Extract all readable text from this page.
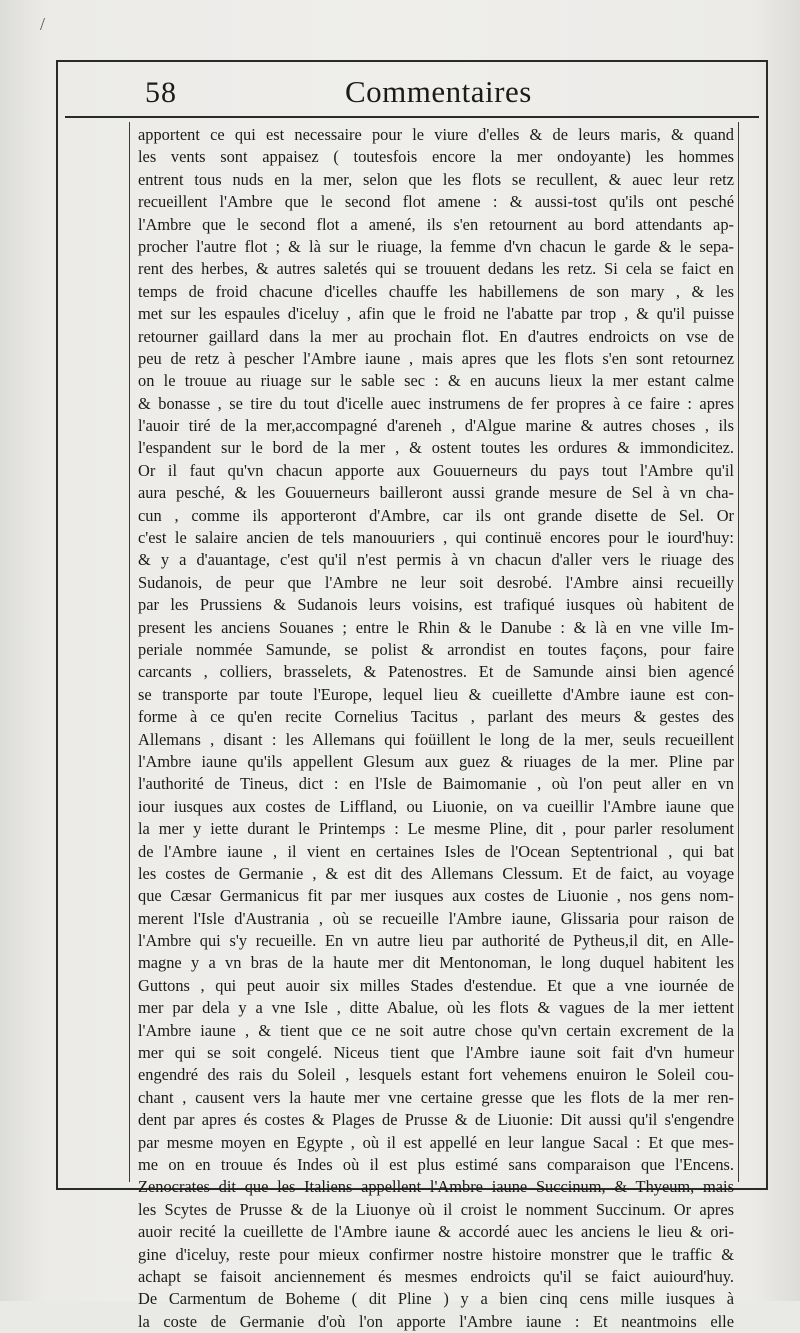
/
58	Commentaires
apportent ce qui est necessaire pour le viure d'elles & de leurs maris, & quand
les vents sont appaisez ( toutesfois encore la mer ondoyante) les hommes
entrent tous nuds en la mer, selon que les flots se recullent, & auec leur retz
recueillent l'Ambre que le second flot amene : & aussi-tost qu'ils ont pesché
l'Ambre que le second flot a amené, ils s'en retournent au bord attendants ap-
procher l'autre flot ; & là sur le riuage, la femme d'vn chacun le garde & le sepa-
rent des herbes, & autres saletés qui se trouuent dedans les retz. Si cela se faict en
temps de froid chacune d'icelles chauffe les habillemens de son mary , & les
met sur les espaules d'iceluy , afin que le froid ne l'abatte par trop , & qu'il puisse
retourner gaillard dans la mer au prochain flot. En d'autres endroicts on vse de
peu de retz à pescher l'Ambre iaune , mais apres que les flots s'en sont retournez
on le trouue au riuage sur le sable sec : & en aucuns lieux la mer estant calme
& bonasse , se tire du tout d'icelle auec instrumens de fer propres à ce faire : apres
l'auoir tiré de la mer,accompagné d'areneh , d'Algue marine & autres choses , ils
l'espandent sur le bord de la mer , & ostent toutes les ordures & immondicitez.
Or il faut qu'vn chacun apporte aux Gouuerneurs du pays tout l'Ambre qu'il
aura pesché, & les Gouuerneurs bailleront aussi grande mesure de Sel à vn cha-
cun , comme ils apporteront d'Ambre, car ils ont grande disette de Sel. Or
c'est le salaire ancien de tels manouuriers , qui continuë encores pour le iourd'huy:
& y a d'auantage, c'est qu'il n'est permis à vn chacun d'aller vers le riuage des
Sudanois, de peur que l'Ambre ne leur soit desrobé. l'Ambre ainsi recueilly
par les Prussiens & Sudanois leurs voisins, est trafiqué iusques où habitent de
present les anciens Souanes ; entre le Rhin & le Danube : & là en vne ville Im-
periale nommée Samunde, se polist & arrondist en toutes façons, pour faire
carcants , colliers, brasselets, & Patenostres. Et de Samunde ainsi bien agencé
se transporte par toute l'Europe, lequel lieu & cueillette d'Ambre iaune est con-
forme à ce qu'en recite Cornelius Tacitus , parlant des meurs & gestes des
Allemans , disant : les Allemans qui foüillent le long de la mer, seuls recueillent
l'Ambre iaune qu'ils appellent Glesum aux guez & riuages de la mer. Pline par
l'authorité de Tineus, dict : en l'Isle de Baimomanie , où l'on peut aller en vn
iour iusques aux costes de Liffland, ou Liuonie, on va cueillir l'Ambre iaune que
la mer y iette durant le Printemps : Le mesme Pline, dit , pour parler resolument
de l'Ambre iaune , il vient en certaines Isles de l'Ocean Septentrional , qui bat
les costes de Germanie , & est dit des Allemans Clessum. Et de faict, au voyage
que Cæsar Germanicus fit par mer iusques aux costes de Liuonie , nos gens nom-
merent l'Isle d'Austrania , où se recueille l'Ambre iaune, Glissaria pour raison de
l'Ambre qui s'y recueille. En vn autre lieu par authorité de Pytheus,il dit, en Alle-
magne y a vn bras de la haute mer dit Mentonoman, le long duquel habitent les
Guttons , qui peut auoir six milles Stades d'estendue. Et que a vne iournée de
mer par dela y a vne Isle , ditte Abalue, où les flots & vagues de la mer iettent
l'Ambre iaune , & tient que ce ne soit autre chose qu'vn certain excrement de la
mer qui se soit congelé. Niceus tient que l'Ambre iaune soit fait d'vn humeur
engendré des rais du Soleil , lesquels estant fort vehemens enuiron le Soleil cou-
chant , causent vers la haute mer vne certaine gresse que les flots de la mer ren-
dent par apres és costes & Plages de Prusse & de Liuonie: Dit aussi qu'il s'engendre
par mesme moyen en Egypte , où il est appellé en leur langue Sacal : Et que mes-
me on en trouue és Indes où il est plus estimé sans comparaison que l'Encens.
Zenocrates dit que les Italiens appellent l'Ambre iaune Succinum, & Thyeum, mais
les Scytes de Prusse & de la Liuonye où il croist le nomment Succinum. Or apres
auoir recité la cueillette de l'Ambre iaune & accordé auec les anciens le lieu & ori-
gine d'iceluy, reste pour mieux confirmer nostre histoire monstrer que le traffic &
achapt se faisoit anciennement és mesmes endroicts qu'il se faict auiourd'huy.
De Carmentum de Boheme ( dit Pline ) y a bien cinq cens mille iusques à
la coste de Germanie d'où l'on apporte l'Ambre iaune : Et neantmoins elle
